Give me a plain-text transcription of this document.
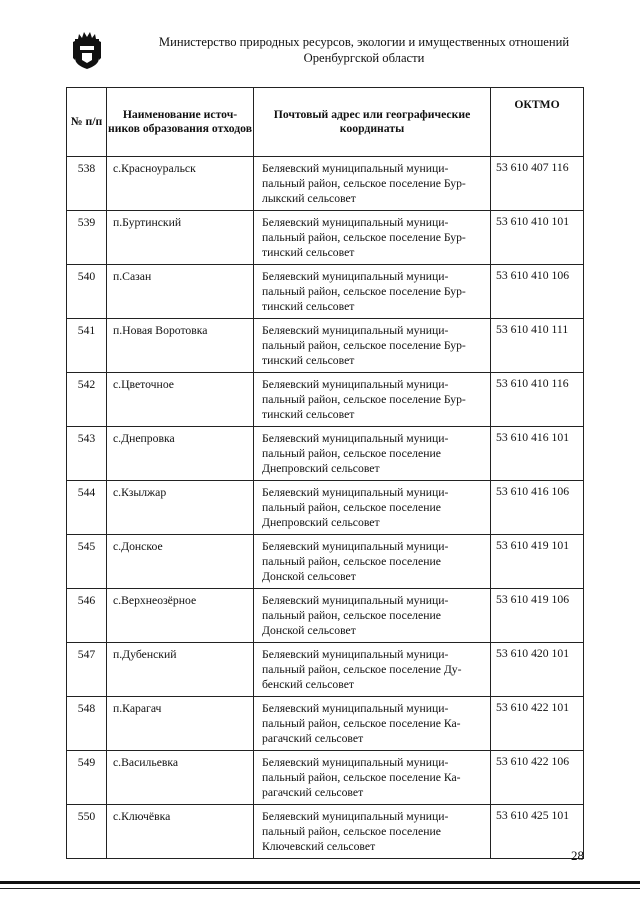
Министерство природных ресурсов, экологии и имущественных отношений
Оренбургской области
№ п/п	Наименование источ- ников образования отходов	Почтовый адрес или географические координаты	ОКТМО
538	с.Красноуральск	Беляевский муниципальный муници-
пальный район, сельское поселение Бур-
лыкский сельсовет	53 610 407 116
539	п.Буртинский	Беляевский муниципальный муници-
пальный район, сельское поселение Бур-
тинский сельсовет	53 610 410 101
540	п.Сазан	Беляевский муниципальный муници-
пальный район, сельское поселение Бур-
тинский сельсовет	53 610 410 106
541	п.Новая Воротовка	Беляевский муниципальный муници-
пальный район, сельское поселение Бур-
тинский сельсовет	53 610 410 111
542	с.Цветочное	Беляевский муниципальный муници-
пальный район, сельское поселение Бур-
тинский сельсовет	53 610 410 116
543	с.Днепровка	Беляевский муниципальный муници-
пальный район, сельское поселение
Днепровский сельсовет	53 610 416 101
544	с.Кзылжар	Беляевский муниципальный муници-
пальный район, сельское поселение
Днепровский сельсовет	53 610 416 106
545	с.Донское	Беляевский муниципальный муници-
пальный район, сельское поселение
Донской сельсовет	53 610 419 101
546	с.Верхнеозёрное	Беляевский муниципальный муници-
пальный район, сельское поселение
Донской сельсовет	53 610 419 106
547	п.Дубенский	Беляевский муниципальный муници-
пальный район, сельское поселение Ду-
бенский сельсовет	53 610 420 101
548	п.Карагач	Беляевский муниципальный муници-
пальный район, сельское поселение Ка-
рагачский сельсовет	53 610 422 101
549	с.Васильевка	Беляевский муниципальный муници-
пальный район, сельское поселение Ка-
рагачский сельсовет	53 610 422 106
550	с.Ключёвка	Беляевский муниципальный муници-
пальный район, сельское поселение
Ключевский сельсовет	53 610 425 101
28
